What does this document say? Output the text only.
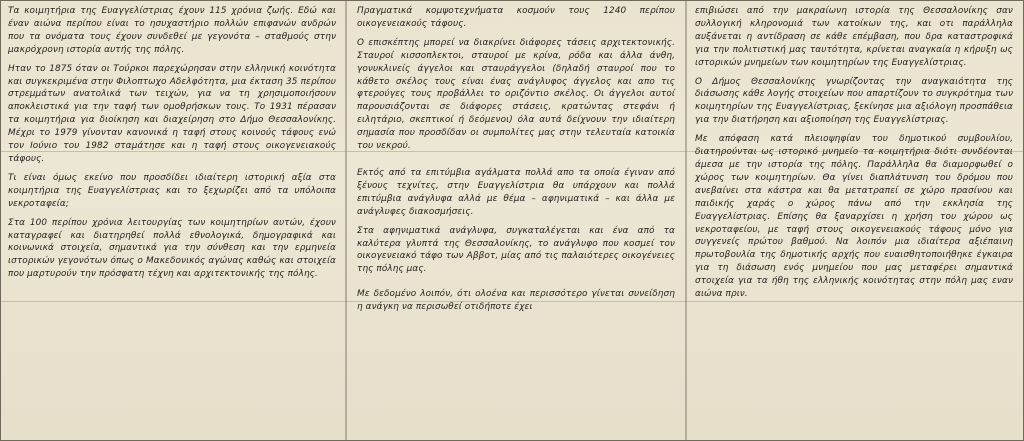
Τα κοιμητήρια της Ευαγγελίστριας έχουν 115 χρόνια ζωής. Εδώ και έναν αιώνα περίπου είναι το ησυχαστήριο πολλών επιφανών ανδρών που τα ονόματα τους έχουν συνδεθεί με γεγονότα – σταθμούς στην μακρόχρονη ιστορία αυτής της πόλης.

Ηταν το 1875 όταν οι Τούρκοι παρεχώρησαν στην ελληνική κοινότητα και συγκεκριμένα στην Φιλοπτωχο Αδελφότητα, μια έκταση 35 περίπου στρεμμάτων ανατολικά των τειχών, για να τη χρησιμοποιήσουν αποκλειστικά για την ταφή των ομοθρήσκων τους. Το 1931 πέρασαν τα κοιμητήρια για διοίκηση και διαχείρηση στο Δήμο Θεσσαλονίκης. Μέχρι το 1979 γίνονταν κανονικά η ταφή στους κοινούς τάφους ενώ τον Ιούνιο του 1982 σταμάτησε και η ταφή στους οικογενειακούς τάφους.

Τι είναι όμως εκείνο που προσδίδει ιδιαίτερη ιστορική αξία στα κοιμητήρια της Ευαγγελίστριας και το ξεχωρίζει από τα υπόλοιπα νεκροταφεία;

Στα 100 περίπου χρόνια λειτουργίας των κοιμητηρίων αυτών, έχουν καταγραφεί και διατηρηθεί πολλά εθνολογικά, δημογραφικά και κοινωνικά στοιχεία, σημαντικά για την σύνθεση και την ερμηνεία ιστορικών γεγονότων όπως ο Μακεδονικός αγώνας καθώς και στοιχεία που μαρτυρούν την πρόσφατη τέχνη και αρχιτεκτονικής της πόλης.

Πραγματικά κομψοτεχνήματα κοσμούν τους 1240 περίπου οικογενειακούς τάφους.

Ο επισκέπτης μπορεί να διακρίνει διάφορες τάσεις αρχιτεκτονικής. Σταυροί κισσοπλεκτοι, σταυροί με κρίνα, ρόδα και άλλα άνθη, γονυκλινείς άγγελοι και σταυράγγελοι (δηλαδή σταυροί που το κάθετο σκέλος τους είναι ένας ανάγλυφος άγγελος και απο τις φτερούγες τους προβάλλει το οριζόντιο σκέλος. Οι άγγελοι αυτοί παρουσιάζονται σε διάφορες στάσεις, κρατώντας στεφάνι ή ειλητάριο, σκεπτικοί ή δεόμενοι) όλα αυτά δείχνουν την ιδιαίτερη σημασία που προσδίδαν οι συμπολίτες μας στην τελευταία κατοικία του νεκρού.

Εκτός από τα επιτύμβια αγάλματα πολλά απο τα οποία έγιναν από ξένους τεχνίτες, στην Ευαγγελίστρια θα υπάρχουν και πολλά επιτύμβια ανάγλυφα αλλά με θέμα – αφηνιματικά – και άλλα με ανάγλυφες διακοσμήσεις.

Στα αφηνιματικά ανάγλυφα, συγκαταλέγεται και ένα από τα καλύτερα γλυπτά της Θεσσαλονίκης, το ανάγλυφο που κοσμεί τον οικογενειακό τάφο των Αββοτ, μίας από τις παλαιότερες οικογένειες της πόλης μας.

Με δεδομένο λοιπόν, ότι ολοένα και περισσότερο γίνεται συνείδηση η ανάγκη να περισωθεί οτιδήποτε έχει

επιβιώσει από την μακραίωνη ιστορία της Θεσσαλονίκης σαν συλλογική κληρονομιά των κατοίκων της, και οτι παράλληλα αυξάνεται η αντίδραση σε κάθε επέμβαση, που δρα καταστροφικά για την πολιτιστική μας ταυτότητα, κρίνεται αναγκαία η κήρυξη ως ιστορικών μνημείων των κοιμητηρίων της Ευαγγελίστριας.

Ο Δήμος Θεσσαλονίκης γνωρίζοντας την αναγκαιότητα της διάσωσης κάθε λογής στοιχείων που απαρτίζουν το συγκρότημα των κοιμητηρίων της Ευαγγελίστριας, ξεκίνησε μια αξιόλογη προσπάθεια για την διατήρηση και αξιοποίηση της Ευαγγελίστριας.

Με απόφαση κατά πλειοψηφίαν του δημοτικού συμβουλίου, διατηρούνται ως ιστορικό μνημείο τα κοιμητήρια διότι συνδέονται άμεσα με την ιστορία της πόλης. Παράλληλα θα διαμορφωθεί ο χώρος των κοιμητηρίων. Θα γίνει διαπλάτυνση του δρόμου που ανεβαίνει στα κάστρα και θα μετατραπεί σε χώρο πρασίνου και παιδικής χαράς ο χώρος πάνω από την εκκλησία της Ευαγγελίστριας. Επίσης θα ξαναρχίσει η χρήση του χώρου ως νεκροταφείου, με ταφή στους οικογενειακούς τάφους μόνο για συγγενείς πρώτου βαθμού. Να λοιπόν μια ιδιαίτερα αξιέπαινη πρωτοβουλία της δημοτικής αρχής που ευαισθητοποιήθηκε έγκαιρα για τη διάσωση ενός μνημείου που μας μεταφέρει σημαντικά στοιχεία για τα ήθη της ελληνικής κοινότητας στην πόλη μας εναν αιώνα πριν.
